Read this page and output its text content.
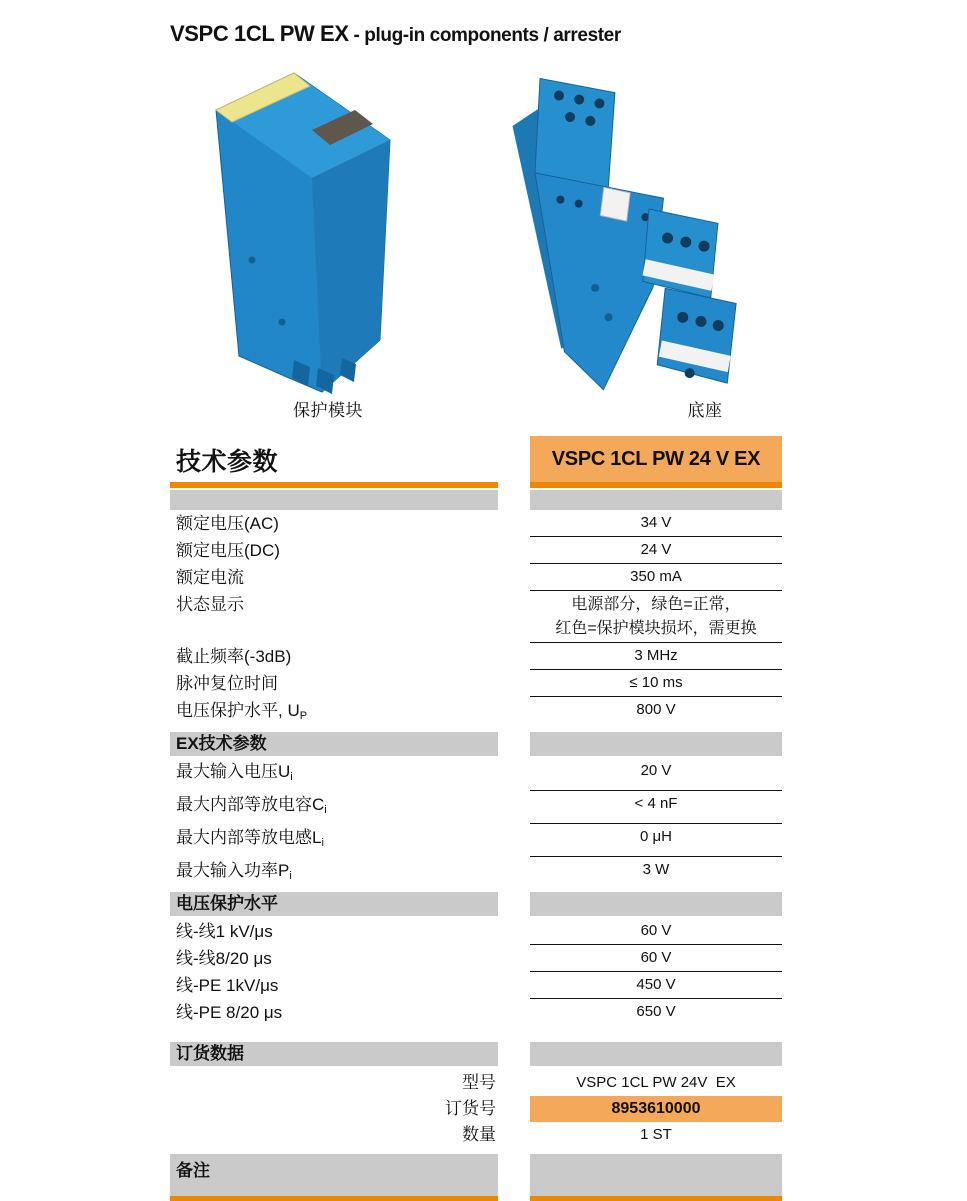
VSPC 1CL PW EX - plug-in components / arrester
保护模块	底座
技术参数	VSPC 1CL PW 24 V EX
额定电压(AC)	34 V
额定电压(DC)	24 V
额定电流	350 mA
状态显示	电源部分，绿色=正常，
红色=保护模块损坏，需更换
截止频率(-3dB)	3 MHz
脉冲复位时间	≤ 10 ms
电压保护水平, $U_P$	800 V
EX技术参数
最大输入电压$U_i$	20 V
最大内部等放电容$C_i$	< 4 nF
最大内部等放电感$L_i$	0 μH
最大输入功率$P_i$	3 W
电压保护水平
线-线1 kV/μs	60 V
线-线8/20 μs	60 V
线-PE 1kV/μs	450 V
线-PE 8/20 μs	650 V
订货数据
型号	VSPC 1CL PW 24V  EX
订货号	8953610000
数量	1 ST
备注
